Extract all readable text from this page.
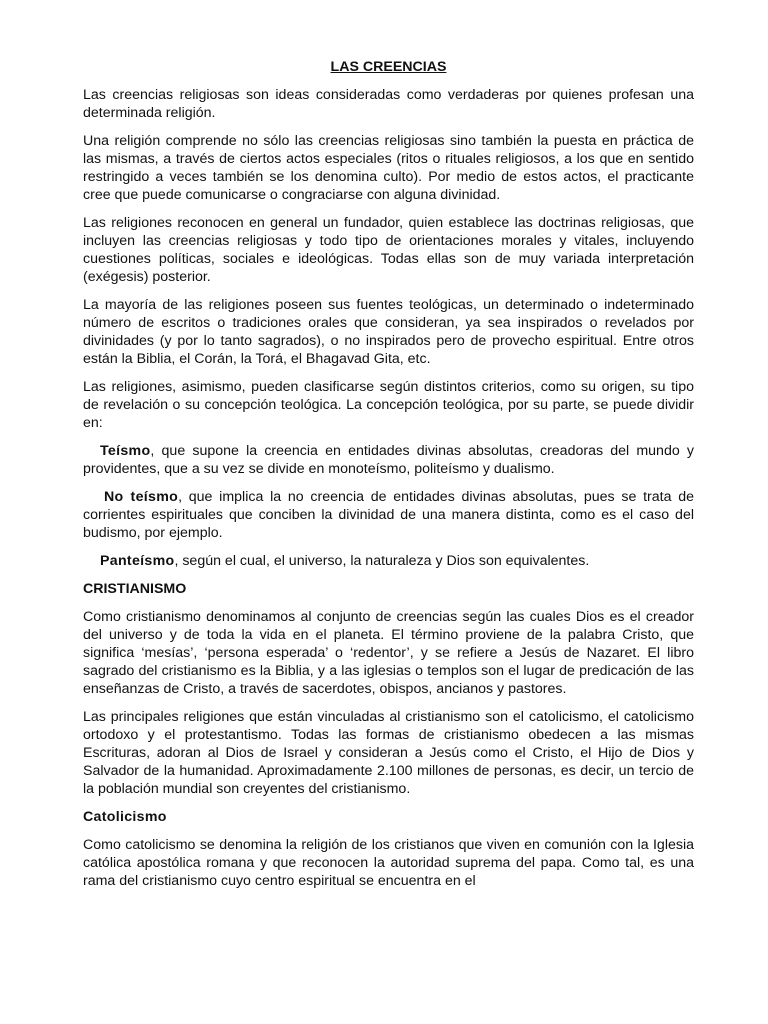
LAS CREENCIAS

Las creencias religiosas son ideas consideradas como verdaderas por quienes profesan una determinada religión.

Una religión comprende no sólo las creencias religiosas sino también la puesta en práctica de las mismas, a través de ciertos actos especiales (ritos o rituales religiosos, a los que en sentido restringido a veces también se los denomina culto). Por medio de estos actos, el practicante cree que puede comunicarse o congraciarse con alguna divinidad.

Las religiones reconocen en general un fundador, quien establece las doctrinas religiosas, que incluyen las creencias religiosas y todo tipo de orientaciones morales y vitales, incluyendo cuestiones políticas, sociales e ideológicas. Todas ellas son de muy variada interpretación (exégesis) posterior.

La mayoría de las religiones poseen sus fuentes teológicas, un determinado o indeterminado número de escritos o tradiciones orales que consideran, ya sea inspirados o revelados por divinidades (y por lo tanto sagrados), o no inspirados pero de provecho espiritual. Entre otros están la Biblia, el Corán, la Torá, el Bhagavad Gita, etc.

Las religiones, asimismo, pueden clasificarse según distintos criterios, como su origen, su tipo de revelación o su concepción teológica. La concepción teológica, por su parte, se puede dividir en:

Teísmo, que supone la creencia en entidades divinas absolutas, creadoras del mundo y providentes, que a su vez se divide en monoteísmo, politeísmo y dualismo.

No teísmo, que implica la no creencia de entidades divinas absolutas, pues se trata de corrientes espirituales que conciben la divinidad de una manera distinta, como es el caso del budismo, por ejemplo.

Panteísmo, según el cual, el universo, la naturaleza y Dios son equivalentes.

CRISTIANISMO

Como cristianismo denominamos al conjunto de creencias según las cuales Dios es el creador del universo y de toda la vida en el planeta. El término proviene de la palabra Cristo, que significa ‘mesías’, ‘persona esperada’ o ‘redentor’, y se refiere a Jesús de Nazaret. El libro sagrado del cristianismo es la Biblia, y a las iglesias o templos son el lugar de predicación de las enseñanzas de Cristo, a través de sacerdotes, obispos, ancianos y pastores.

Las principales religiones que están vinculadas al cristianismo son el catolicismo, el catolicismo ortodoxo y el protestantismo. Todas las formas de cristianismo obedecen a las mismas Escrituras, adoran al Dios de Israel y consideran a Jesús como el Cristo, el Hijo de Dios y Salvador de la humanidad. Aproximadamente 2.100 millones de personas, es decir, un tercio de la población mundial son creyentes del cristianismo.

Catolicismo

Como catolicismo se denomina la religión de los cristianos que viven en comunión con la Iglesia católica apostólica romana y que reconocen la autoridad suprema del papa. Como tal, es una rama del cristianismo cuyo centro espiritual se encuentra en el
